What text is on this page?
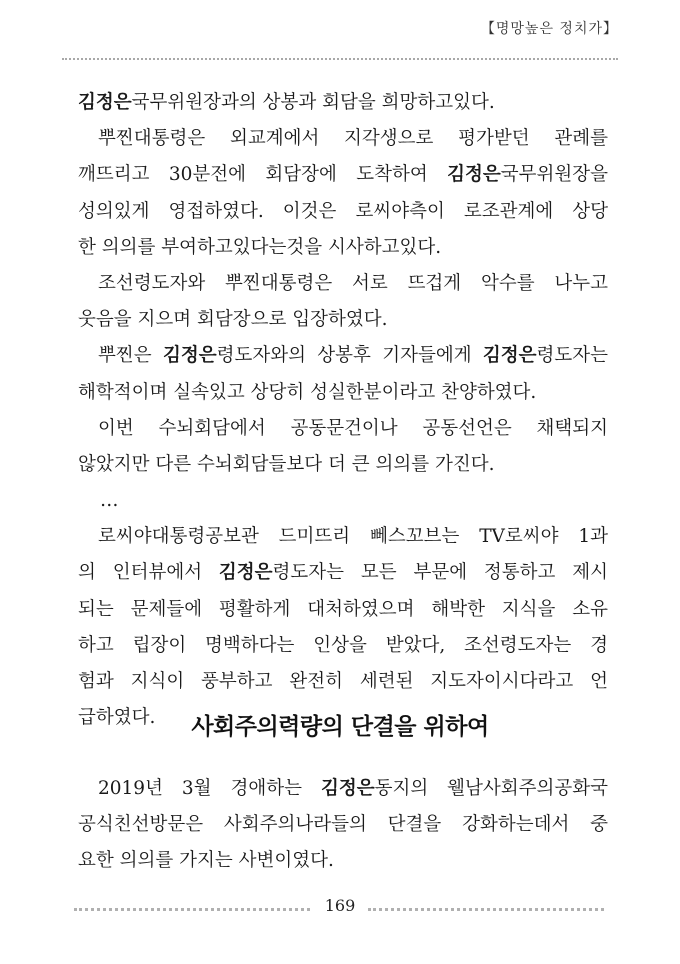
【명망높은 정치가】
김정은국무위원장과의 상봉과 회담을 희망하고있다.
뿌찐대통령은 외교계에서 지각생으로 평가받던 관례를
깨뜨리고 30분전에 회담장에 도착하여 김정은국무위원장을
성의있게 영접하였다. 이것은 로씨야측이 로조관계에 상당
한 의의를 부여하고있다는것을 시사하고있다.
조선령도자와 뿌찐대통령은 서로 뜨겁게 악수를 나누고
웃음을 지으며 회담장으로 입장하였다.
뿌찐은 김정은령도자와의 상봉후 기자들에게 김정은령도자는
해학적이며 실속있고 상당히 성실한분이라고 찬양하였다.
이번 수뇌회담에서 공동문건이나 공동선언은 채택되지
않았지만 다른 수뇌회담들보다 더 큰 의의를 가진다.
…
로씨야대통령공보관 드미뜨리 뻬스꼬브는 TV로씨야 1과
의 인터뷰에서 김정은령도자는 모든 부문에 정통하고 제시
되는 문제들에 평활하게 대처하였으며 해박한 지식을 소유
하고 립장이 명백하다는 인상을 받았다, 조선령도자는 경
험과 지식이 풍부하고 완전히 세련된 지도자이시다라고 언
급하였다.	사회주의력량의 단결을 위하여
2019년 3월 경애하는 김정은동지의 웰남사회주의공화국
공식친선방문은 사회주의나라들의 단결을 강화하는데서 중
요한 의의를 가지는 사변이였다.
169
